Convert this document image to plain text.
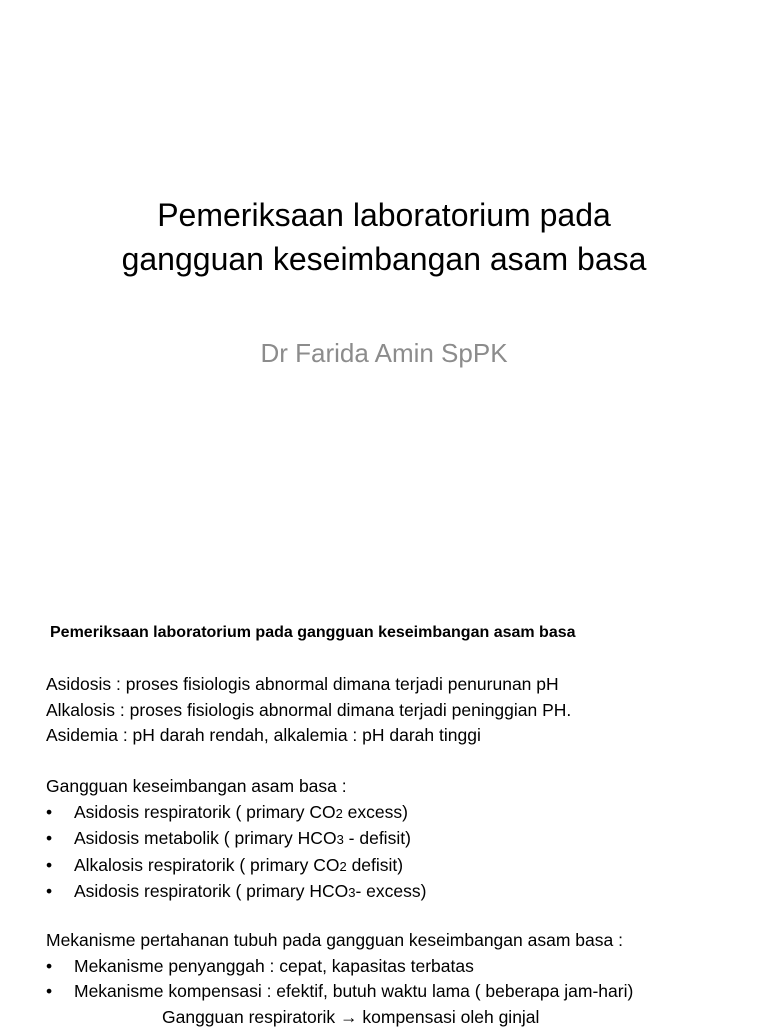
Pemeriksaan laboratorium pada
gangguan keseimbangan asam basa
Dr Farida Amin SpPK
Pemeriksaan laboratorium pada gangguan keseimbangan asam basa

Asidosis : proses fisiologis abnormal dimana terjadi penurunan pH

Alkalosis : proses fisiologis abnormal dimana terjadi peninggian PH.

Asidemia : pH darah rendah, alkalemia : pH darah tinggi

Gangguan keseimbangan asam basa :

•	Asidosis respiratorik ( primary CO2 excess)
•	Asidosis metabolik ( primary HCO3 - defisit)
•	Alkalosis respiratorik ( primary CO2 defisit)
•	Asidosis respiratorik ( primary HCO3- excess)

Mekanisme pertahanan tubuh pada gangguan keseimbangan asam basa :

•	Mekanisme penyanggah : cepat, kapasitas terbatas
•	Mekanisme kompensasi : efektif, butuh waktu lama ( beberapa jam-hari)
Gangguan respiratorik → kompensasi oleh ginjal
